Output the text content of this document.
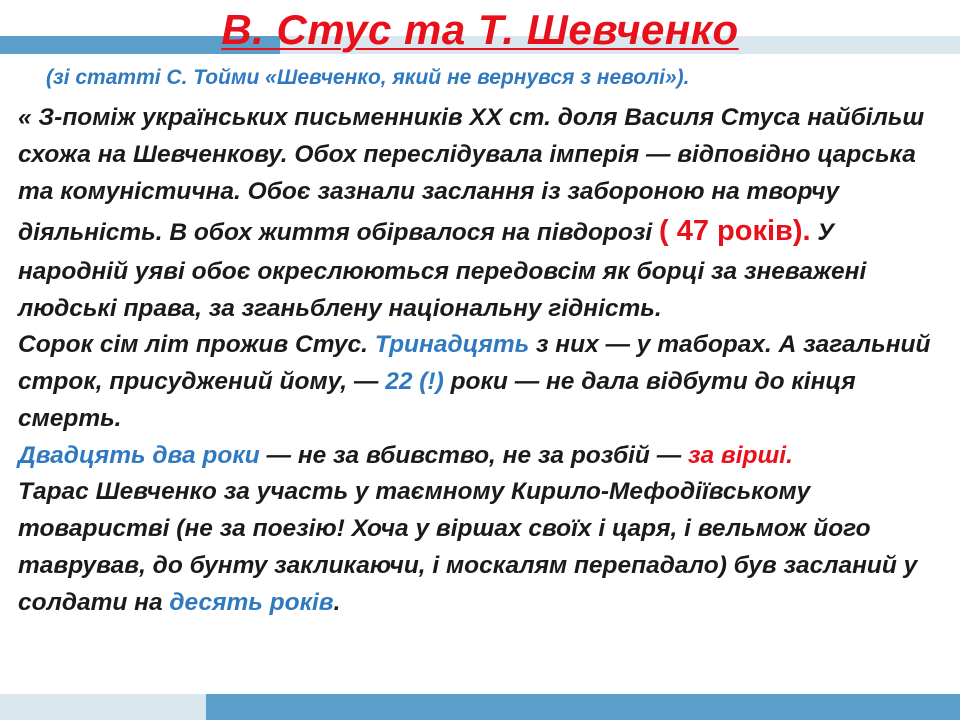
В. Стус та Т. Шевченко
(зі статті С. Тойми «Шевченко, який не вернувся з неволі»).

« З-поміж українських письменників ХХ ст. доля Василя Стуса найбільш схожа на Шевченкову. Обох переслідувала імперія — відповідно царська та комуністична. Обоє зазнали заслання із забороною на творчу діяльність. В обох життя обірвалося на півдорозі ( 47 років). У народній уяві обоє окреслюються передовсім як борці за зневажені людські права, за зганьблену національну гідність.

Сорок сім літ прожив Стус. Тринадцять з них — у таборах. А загальний строк, присуджений йому, — 22 (!) роки — не дала відбути до кінця смерть.

Двадцять два роки — не за вбивство, не за розбій — за вірші.

Тарас Шевченко за участь у таємному Кирило-Мефодіївському товаристві (не за поезію! Хоча у віршах своїх і царя, і вельмож його таврував, до бунту закликаючи, і москалям перепадало) був засланий у солдати на десять років.
